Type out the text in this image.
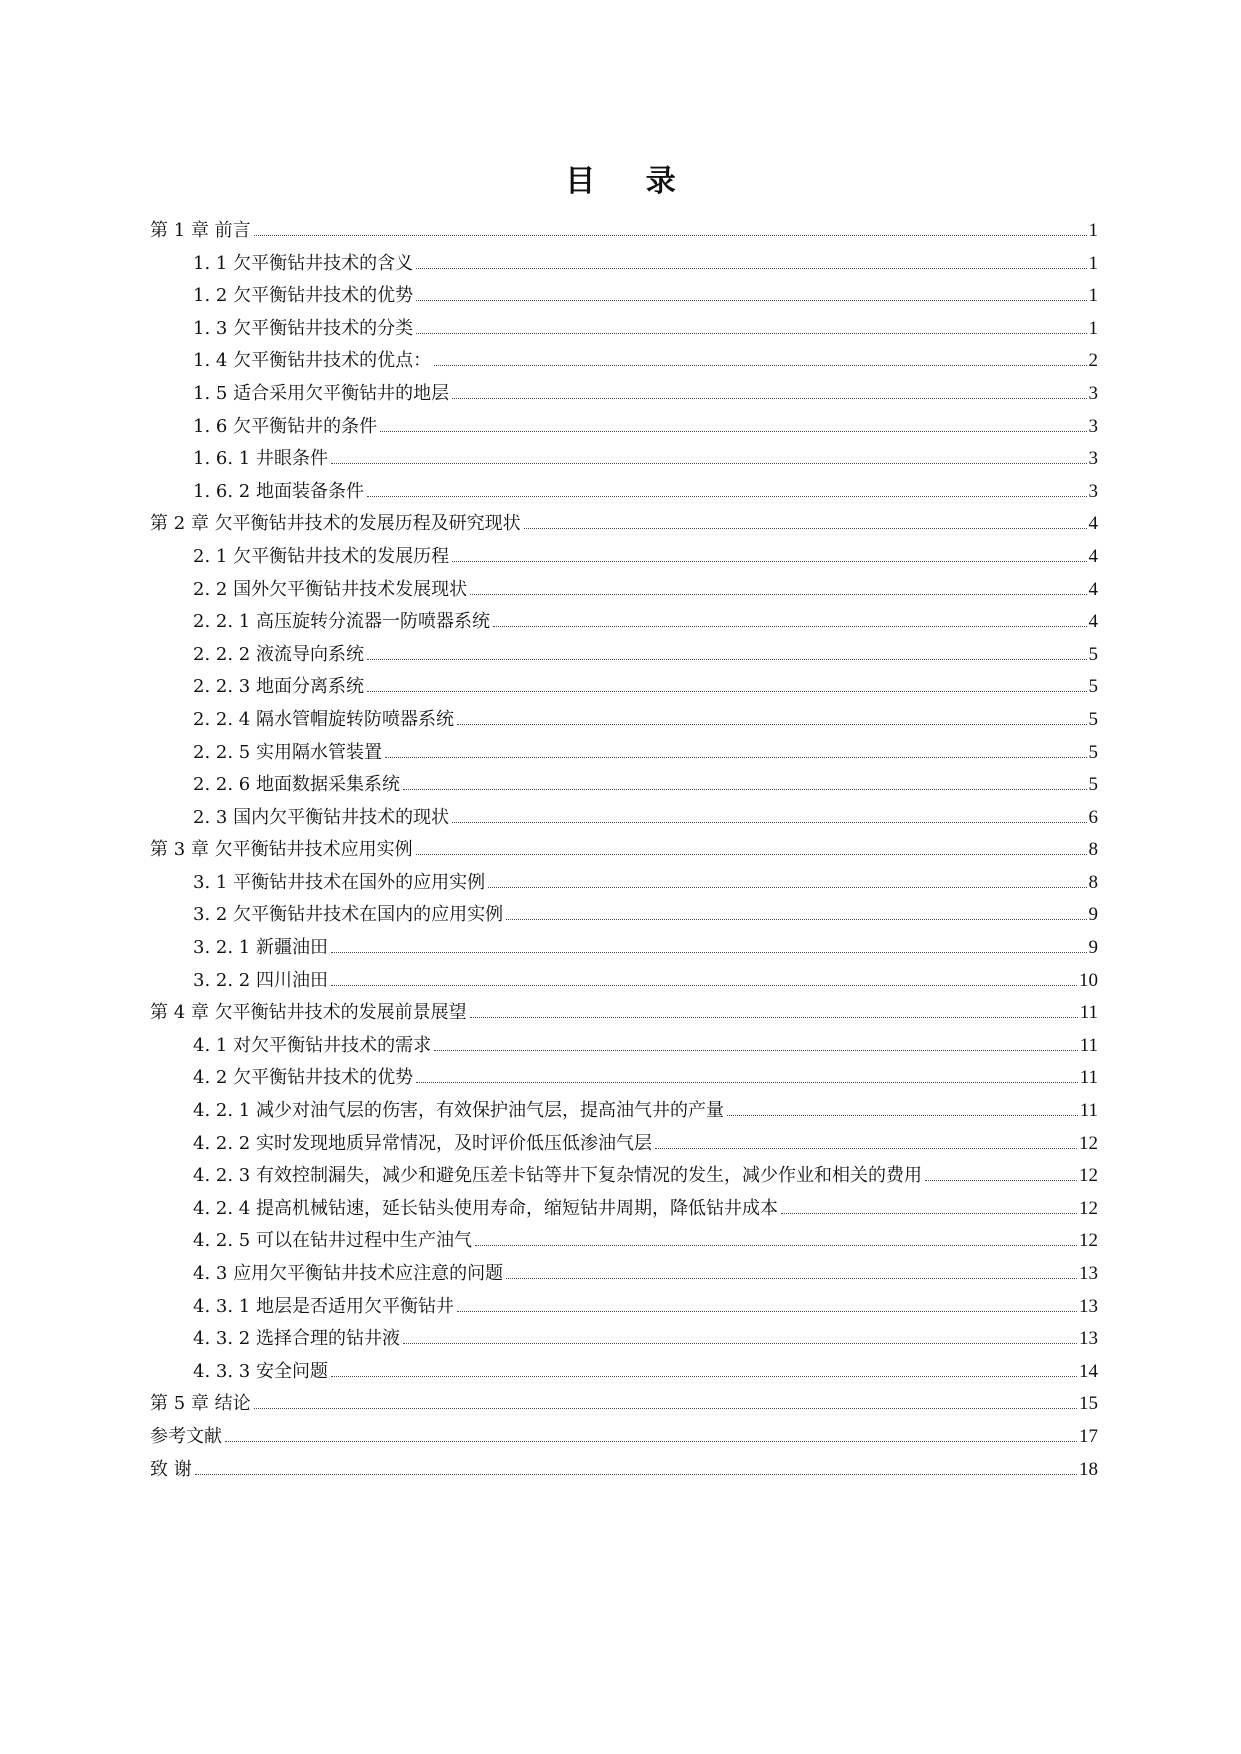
目 录
第 1 章 前言	1
1. 1 欠平衡钻井技术的含义	1
1. 2 欠平衡钻井技术的优势	1
1. 3 欠平衡钻井技术的分类	1
1. 4 欠平衡钻井技术的优点：	2
1. 5 适合采用欠平衡钻井的地层	3
1. 6 欠平衡钻井的条件	3
1. 6. 1 井眼条件	3
1. 6. 2 地面装备条件	3
第 2 章 欠平衡钻井技术的发展历程及研究现状	4
2. 1 欠平衡钻井技术的发展历程	4
2. 2 国外欠平衡钻井技术发展现状	4
2. 2. 1 高压旋转分流器一防喷器系统	4
2. 2. 2 液流导向系统	5
2. 2. 3 地面分离系统	5
2. 2. 4 隔水管帽旋转防喷器系统	5
2. 2. 5 实用隔水管装置	5
2. 2. 6 地面数据采集系统	5
2. 3 国内欠平衡钻井技术的现状	6
第 3 章 欠平衡钻井技术应用实例	8
3. 1 平衡钻井技术在国外的应用实例	8
3. 2 欠平衡钻井技术在国内的应用实例	9
3. 2. 1 新疆油田	9
3. 2. 2 四川油田	10
第 4 章 欠平衡钻井技术的发展前景展望	11
4. 1 对欠平衡钻井技术的需求	11
4. 2 欠平衡钻井技术的优势	11
4. 2. 1 减少对油气层的伤害，有效保护油气层，提高油气井的产量	11
4. 2. 2 实时发现地质异常情况，及时评价低压低渗油气层	12
4. 2. 3 有效控制漏失，减少和避免压差卡钻等井下复杂情况的发生，减少作业和相关的费用	12
4. 2. 4 提高机械钻速，延长钻头使用寿命，缩短钻井周期，降低钻井成本	12
4. 2. 5 可以在钻井过程中生产油气	12
4. 3 应用欠平衡钻井技术应注意的问题	13
4. 3. 1 地层是否适用欠平衡钻井	13
4. 3. 2 选择合理的钻井液	13
4. 3. 3 安全问题	14
第 5 章 结论	15
参考文献	17
致 谢	18
